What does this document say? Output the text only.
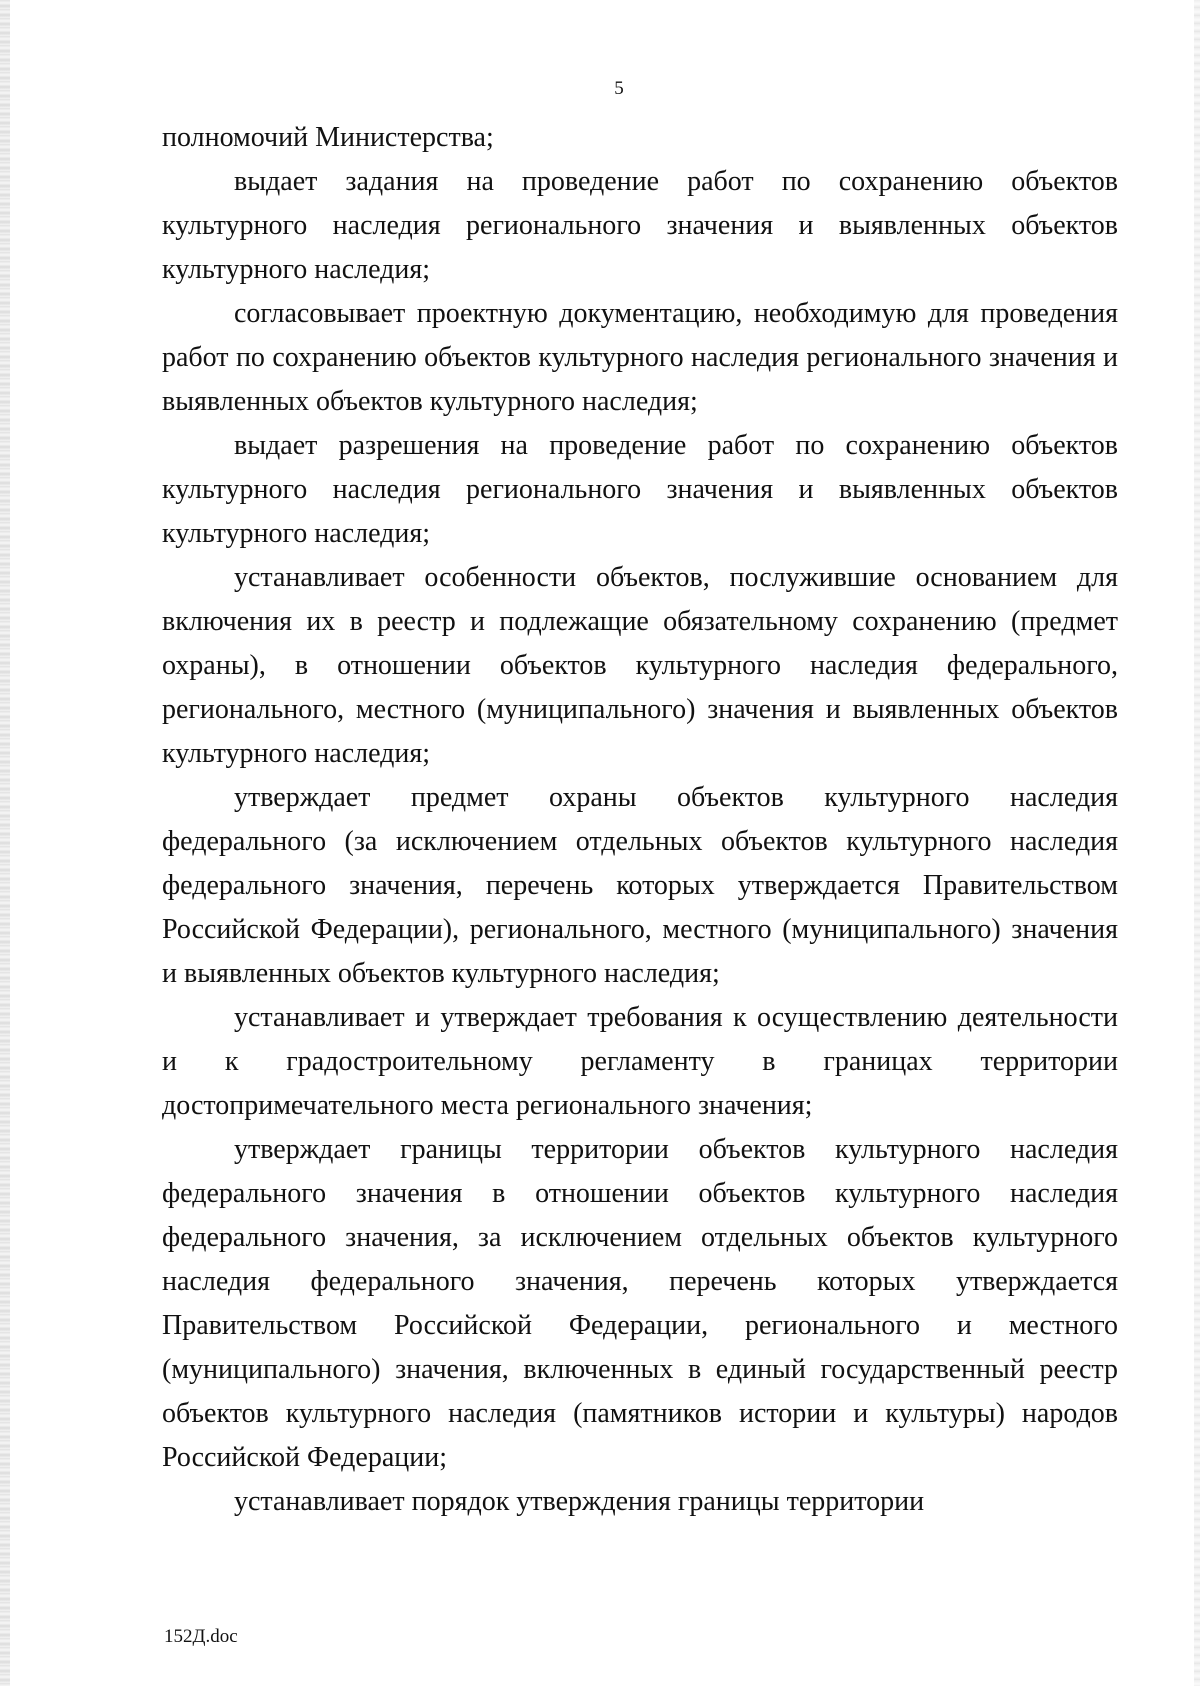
5

полномочий Министерства;

выдает задания на проведение работ по сохранению объектов культурного наследия регионального значения и выявленных объектов культурного наследия;

согласовывает проектную документацию, необходимую для проведения работ по сохранению объектов культурного наследия регионального значения и выявленных объектов культурного наследия;

выдает разрешения на проведение работ по сохранению объектов культурного наследия регионального значения и выявленных объектов культурного наследия;

устанавливает особенности объектов, послужившие основанием для включения их в реестр и подлежащие обязательному сохранению (предмет охраны), в отношении объектов культурного наследия федерального, регионального, местного (муниципального) значения и выявленных объектов культурного наследия;

утверждает предмет охраны объектов культурного наследия федерального (за исключением отдельных объектов культурного наследия федерального значения, перечень которых утверждается Правительством Российской Федерации), регионального, местного (муниципального) значения и выявленных объектов культурного наследия;

устанавливает и утверждает требования к осуществлению деятельности и к градостроительному регламенту в границах территории достопримечательного места регионального значения;

утверждает границы территории объектов культурного наследия федерального значения в отношении объектов культурного наследия федерального значения, за исключением отдельных объектов культурного наследия федерального значения, перечень которых утверждается Правительством Российской Федерации, регионального и местного (муниципального) значения, включенных в единый государственный реестр объектов культурного наследия (памятников истории и культуры) народов Российской Федерации;

устанавливает порядок утверждения границы территории

152Д.doc
